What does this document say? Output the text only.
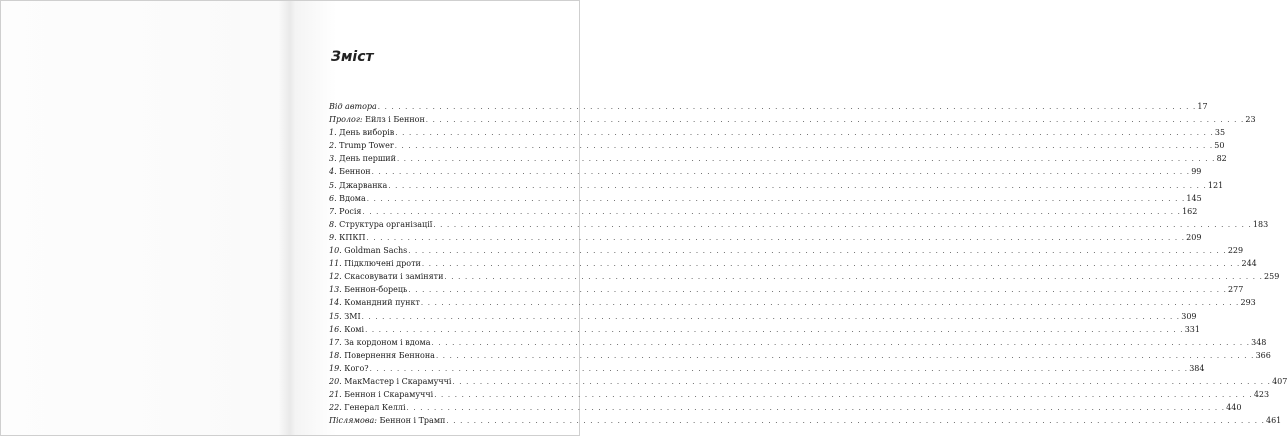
Зміст
Від автора . . . . . . . . . . . . . . . . . . . . . . . . . . . . . . . . . . . . . . . . . . . . . . . . . . . . . . . . . . . . . . . . . . . . . . . . . . . . . . . . . . . . . . . . . . . . . . . . . . . . . . . . . . . . . . . . . . . . . . . . 17
Пролог: Ейлз і Беннон . . . . . . . . . . . . . . . . . . . . . . . . . . . . . . . . . . . . . . . . . . . . . . . . . . . . . . . . . . . . . . . . . . . . . . . . . . . . . . . . . . . . . . . . . . . . . . . . . . . . . . . . . . . . . . . . . . . . . . . . 23
1. День виборів . . . . . . . . . . . . . . . . . . . . . . . . . . . . . . . . . . . . . . . . . . . . . . . . . . . . . . . . . . . . . . . . . . . . . . . . . . . . . . . . . . . . . . . . . . . . . . . . . . . . . . . . . . . . . . . . . . . . . . . . 35
2. Trump Tower . . . . . . . . . . . . . . . . . . . . . . . . . . . . . . . . . . . . . . . . . . . . . . . . . . . . . . . . . . . . . . . . . . . . . . . . . . . . . . . . . . . . . . . . . . . . . . . . . . . . . . . . . . . . . . . . . . . . . . . . 50
3. День перший . . . . . . . . . . . . . . . . . . . . . . . . . . . . . . . . . . . . . . . . . . . . . . . . . . . . . . . . . . . . . . . . . . . . . . . . . . . . . . . . . . . . . . . . . . . . . . . . . . . . . . . . . . . . . . . . . . . . . . . . 82
4. Беннон . . . . . . . . . . . . . . . . . . . . . . . . . . . . . . . . . . . . . . . . . . . . . . . . . . . . . . . . . . . . . . . . . . . . . . . . . . . . . . . . . . . . . . . . . . . . . . . . . . . . . . . . . . . . . . . . . . . . . . . . 99
5. Джарванка . . . . . . . . . . . . . . . . . . . . . . . . . . . . . . . . . . . . . . . . . . . . . . . . . . . . . . . . . . . . . . . . . . . . . . . . . . . . . . . . . . . . . . . . . . . . . . . . . . . . . . . . . . . . . . . . . . . . . . . . 121
6. Вдома . . . . . . . . . . . . . . . . . . . . . . . . . . . . . . . . . . . . . . . . . . . . . . . . . . . . . . . . . . . . . . . . . . . . . . . . . . . . . . . . . . . . . . . . . . . . . . . . . . . . . . . . . . . . . . . . . . . . . . . . 145
7. Росія . . . . . . . . . . . . . . . . . . . . . . . . . . . . . . . . . . . . . . . . . . . . . . . . . . . . . . . . . . . . . . . . . . . . . . . . . . . . . . . . . . . . . . . . . . . . . . . . . . . . . . . . . . . . . . . . . . . . . . . . 162
8. Структура організації . . . . . . . . . . . . . . . . . . . . . . . . . . . . . . . . . . . . . . . . . . . . . . . . . . . . . . . . . . . . . . . . . . . . . . . . . . . . . . . . . . . . . . . . . . . . . . . . . . . . . . . . . . . . . . . . . . . . . . . . 183
9. КПКП . . . . . . . . . . . . . . . . . . . . . . . . . . . . . . . . . . . . . . . . . . . . . . . . . . . . . . . . . . . . . . . . . . . . . . . . . . . . . . . . . . . . . . . . . . . . . . . . . . . . . . . . . . . . . . . . . . . . . . . . 209
10. Goldman Sachs . . . . . . . . . . . . . . . . . . . . . . . . . . . . . . . . . . . . . . . . . . . . . . . . . . . . . . . . . . . . . . . . . . . . . . . . . . . . . . . . . . . . . . . . . . . . . . . . . . . . . . . . . . . . . . . . . . . . . . . . 229
11. Підключені дроти . . . . . . . . . . . . . . . . . . . . . . . . . . . . . . . . . . . . . . . . . . . . . . . . . . . . . . . . . . . . . . . . . . . . . . . . . . . . . . . . . . . . . . . . . . . . . . . . . . . . . . . . . . . . . . . . . . . . . . . . 244
12. Скасовувати і заміняти . . . . . . . . . . . . . . . . . . . . . . . . . . . . . . . . . . . . . . . . . . . . . . . . . . . . . . . . . . . . . . . . . . . . . . . . . . . . . . . . . . . . . . . . . . . . . . . . . . . . . . . . . . . . . . . . . . . . . . . . 259
13. Беннон-борець . . . . . . . . . . . . . . . . . . . . . . . . . . . . . . . . . . . . . . . . . . . . . . . . . . . . . . . . . . . . . . . . . . . . . . . . . . . . . . . . . . . . . . . . . . . . . . . . . . . . . . . . . . . . . . . . . . . . . . . . 277
14. Командний пункт . . . . . . . . . . . . . . . . . . . . . . . . . . . . . . . . . . . . . . . . . . . . . . . . . . . . . . . . . . . . . . . . . . . . . . . . . . . . . . . . . . . . . . . . . . . . . . . . . . . . . . . . . . . . . . . . . . . . . . . . 293
15. ЗМІ . . . . . . . . . . . . . . . . . . . . . . . . . . . . . . . . . . . . . . . . . . . . . . . . . . . . . . . . . . . . . . . . . . . . . . . . . . . . . . . . . . . . . . . . . . . . . . . . . . . . . . . . . . . . . . . . . . . . . . . . 309
16. Комі . . . . . . . . . . . . . . . . . . . . . . . . . . . . . . . . . . . . . . . . . . . . . . . . . . . . . . . . . . . . . . . . . . . . . . . . . . . . . . . . . . . . . . . . . . . . . . . . . . . . . . . . . . . . . . . . . . . . . . . . 331
17. За кордоном і вдома . . . . . . . . . . . . . . . . . . . . . . . . . . . . . . . . . . . . . . . . . . . . . . . . . . . . . . . . . . . . . . . . . . . . . . . . . . . . . . . . . . . . . . . . . . . . . . . . . . . . . . . . . . . . . . . . . . . . . . . . 348
18. Повернення Беннона . . . . . . . . . . . . . . . . . . . . . . . . . . . . . . . . . . . . . . . . . . . . . . . . . . . . . . . . . . . . . . . . . . . . . . . . . . . . . . . . . . . . . . . . . . . . . . . . . . . . . . . . . . . . . . . . . . . . . . . . 366
19. Кого? . . . . . . . . . . . . . . . . . . . . . . . . . . . . . . . . . . . . . . . . . . . . . . . . . . . . . . . . . . . . . . . . . . . . . . . . . . . . . . . . . . . . . . . . . . . . . . . . . . . . . . . . . . . . . . . . . . . . . . . . 384
20. МакМастер і Скарамуччі . . . . . . . . . . . . . . . . . . . . . . . . . . . . . . . . . . . . . . . . . . . . . . . . . . . . . . . . . . . . . . . . . . . . . . . . . . . . . . . . . . . . . . . . . . . . . . . . . . . . . . . . . . . . . . . . . . . . . . . . 407
21. Беннон і Скарамуччі . . . . . . . . . . . . . . . . . . . . . . . . . . . . . . . . . . . . . . . . . . . . . . . . . . . . . . . . . . . . . . . . . . . . . . . . . . . . . . . . . . . . . . . . . . . . . . . . . . . . . . . . . . . . . . . . . . . . . . . . 423
22. Генерал Келлі . . . . . . . . . . . . . . . . . . . . . . . . . . . . . . . . . . . . . . . . . . . . . . . . . . . . . . . . . . . . . . . . . . . . . . . . . . . . . . . . . . . . . . . . . . . . . . . . . . . . . . . . . . . . . . . . . . . . . . . . 440
Післямова: Беннон і Трамп . . . . . . . . . . . . . . . . . . . . . . . . . . . . . . . . . . . . . . . . . . . . . . . . . . . . . . . . . . . . . . . . . . . . . . . . . . . . . . . . . . . . . . . . . . . . . . . . . . . . . . . . . . . . . . . . . . . . . . . . 461
